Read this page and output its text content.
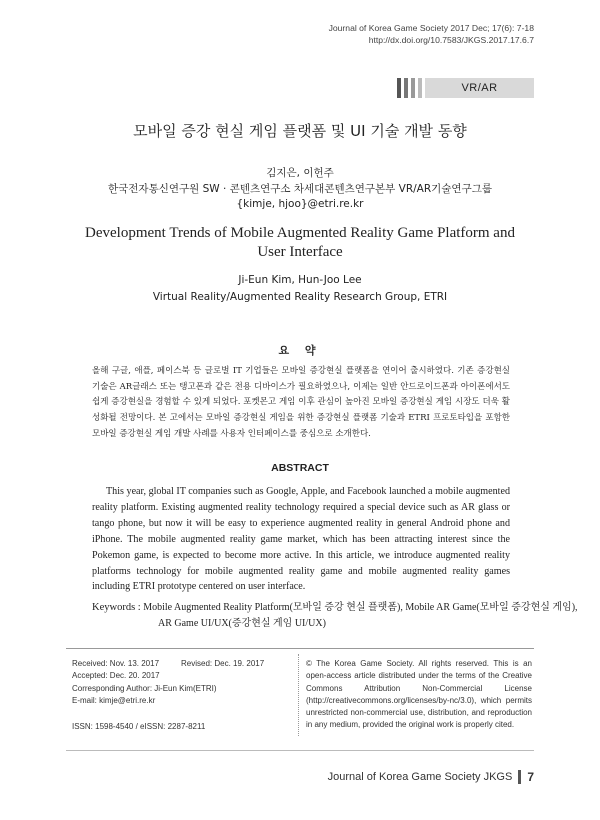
Journal of Korea Game Society 2017 Dec; 17(6): 7-18
http://dx.doi.org/10.7583/JKGS.2017.17.6.7
VR/AR
모바일 증강 현실 게임 플랫폼 및 UI 기술 개발 동향
김지은, 이헌주
한국전자통신연구원 SW · 콘텐츠연구소 차세대콘텐츠연구본부 VR/AR기술연구그룹
{kimje, hjoo}@etri.re.kr
Development Trends of Mobile Augmented Reality Game Platform and User Interface
Ji-Eun Kim, Hun-Joo Lee
Virtual Reality/Augmented Reality Research Group, ETRI
요 약
올해 구글, 애플, 페이스북 등 글로벌 IT 기업들은 모바일 증강현실 플랫폼을 연이어 출시하였다. 기존 증강현실 기술은 AR글래스 또는 탱고폰과 같은 전용 디바이스가 필요하였으나, 이제는 일반 안드로이드폰과 아이폰에서도 쉽게 증강현실을 경험할 수 있게 되었다. 포켓몬고 게임 이후 관심이 높아진 모바일 증강현실 게임 시장도 더욱 활성화될 전망이다. 본 고에서는 모바일 증강현실 게임을 위한 증강현실 플랫폼 기술과 ETRI 프로토타입을 포함한 모바일 증강현실 게임 개발 사례를 사용자 인터페이스를 중심으로 소개한다.
ABSTRACT
This year, global IT companies such as Google, Apple, and Facebook launched a mobile augmented reality platform. Existing augmented reality technology required a special device such as AR glass or tango phone, but now it will be easy to experience augmented reality in general Android phone and iPhone. The mobile augmented reality game market, which has been attracting interest since the Pokemon game, is expected to become more active. In this article, we introduce augmented reality platforms technology for mobile augmented reality game and mobile augmented reality games including ETRI prototype centered on user interface.
Keywords : Mobile Augmented Reality Platform(모바일 증강 현실 플랫폼), Mobile AR Game(모바일 증강현실 게임), AR Game UI/UX(증강현실 게임 UI/UX)
Received: Nov. 13. 2017	Revised: Dec. 19. 2017
Accepted: Dec. 20. 2017
Corresponding Author: Ji-Eun Kim(ETRI)
E-mail: kimje@etri.re.kr
ISSN: 1598-4540 / eISSN: 2287-8211
© The Korea Game Society. All rights reserved. This is an open-access article distributed under the terms of the Creative Commons Attribution Non-Commercial License (http://creativecommons.org/licenses/by-nc/3.0), which permits unrestricted non-commercial use, distribution, and reproduction in any medium, provided the original work is properly cited.
Journal of Korea Game Society JKGS 7
